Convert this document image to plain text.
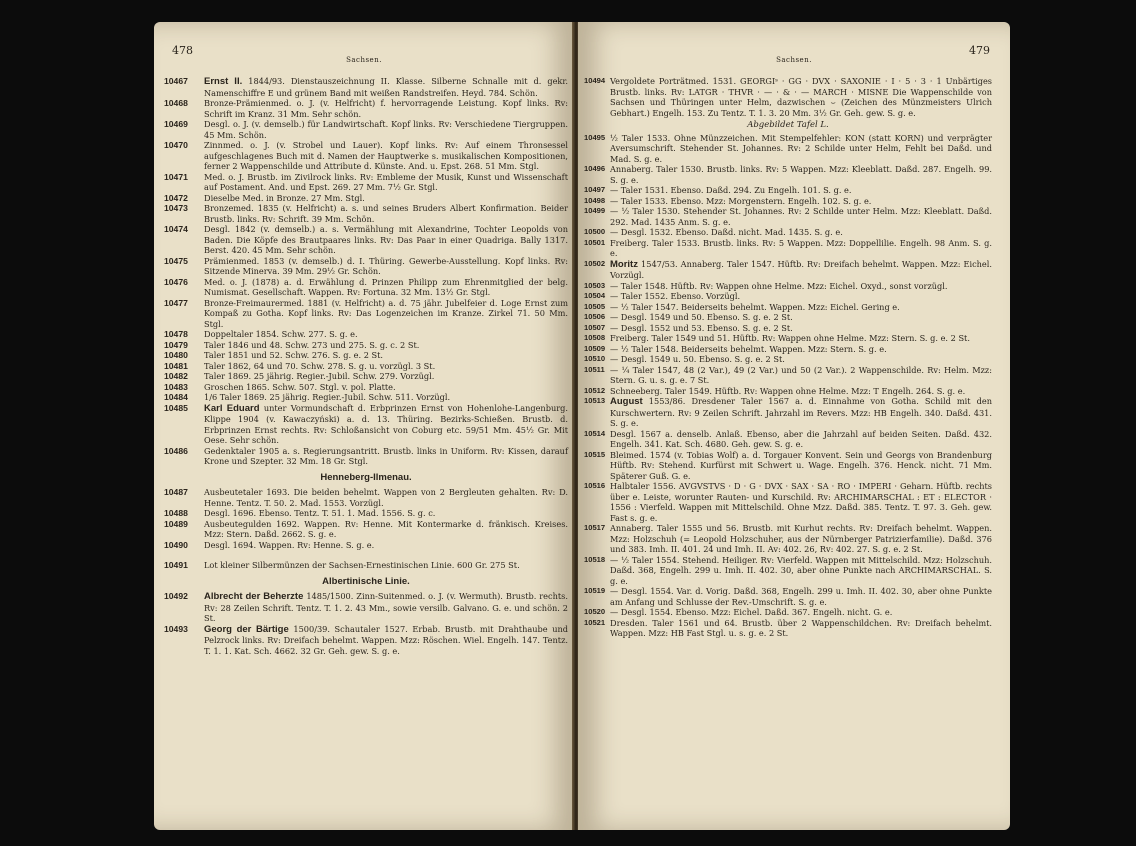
478
Sachsen.
10467	Ernst II. 1844/93. Dienstauszeichnung II. Klasse. Silberne Schnalle mit d. gekr. Namenschiffre E und grünem Band mit weißen Randstreifen. Heyd. 784. Schön.
10468	Bronze-Prämienmed. o. J. (v. Helfricht) f. hervorragende Leistung. Kopf links. Rv: Schrift im Kranz. 31 Mm. Sehr schön.
10469	Desgl. o. J. (v. demselb.) für Landwirtschaft. Kopf links. Rv: Verschiedene Tiergruppen. 45 Mm. Schön.
10470	Zinnmed. o. J. (v. Strobel und Lauer). Kopf links. Rv: Auf einem Thronsessel aufgeschlagenes Buch mit d. Namen der Hauptwerke s. musikalischen Kompositionen, ferner 2 Wappenschilde und Attribute d. Künste. And. u. Epst. 268. 51 Mm. Stgl.
10471	Med. o. J. Brustb. im Zivilrock links. Rv: Embleme der Musik, Kunst und Wissenschaft auf Postament. And. und Epst. 269. 27 Mm. 7½ Gr. Stgl.
10472	Dieselbe Med. in Bronze. 27 Mm. Stgl.
10473	Bronzemed. 1835 (v. Helfricht) a. s. und seines Bruders Albert Konfirmation. Beider Brustb. links. Rv: Schrift. 39 Mm. Schön.
10474	Desgl. 1842 (v. demselb.) a. s. Vermählung mit Alexandrine, Tochter Leopolds von Baden. Die Köpfe des Brautpaares links. Rv: Das Paar in einer Quadriga. Bally 1317. Berst. 420. 45 Mm. Sehr schön.
10475	Prämienmed. 1853 (v. demselb.) d. I. Thüring. Gewerbe-Ausstellung. Kopf links. Rv: Sitzende Minerva. 39 Mm. 29½ Gr. Schön.
10476	Med. o. J. (1878) a. d. Erwählung d. Prinzen Philipp zum Ehrenmitglied der belg. Numismat. Gesellschaft. Wappen. Rv: Fortuna. 32 Mm. 13½ Gr. Stgl.
10477	Bronze-Freimaurermed. 1881 (v. Helfricht) a. d. 75 jähr. Jubelfeier d. Loge Ernst zum Kompaß zu Gotha. Kopf links. Rv: Das Logenzeichen im Kranze. Zirkel 71. 50 Mm. Stgl.
10478	Doppeltaler 1854. Schw. 277. S. g. e.
10479	Taler 1846 und 48. Schw. 273 und 275. S. g. c. 2 St.
10480	Taler 1851 und 52. Schw. 276. S. g. e. 2 St.
10481	Taler 1862, 64 und 70. Schw. 278. S. g. u. vorzügl. 3 St.
10482	Taler 1869. 25 jährig. Regier.-Jubil. Schw. 279. Vorzügl.
10483	Groschen 1865. Schw. 507. Stgl. v. pol. Platte.
10484	1/6 Taler 1869. 25 jährig. Regier.-Jubil. Schw. 511. Vorzügl.
10485	Karl Eduard unter Vormundschaft d. Erbprinzen Ernst von Hohenlohe-Langenburg. Klippe 1904 (v. Kawaczyński) a. d. 13. Thüring. Bezirks-Schießen. Brustb. d. Erbprinzen Ernst rechts. Rv: Schloßansicht von Coburg etc. 59/51 Mm. 45½ Gr. Mit Oese. Sehr schön.
10486	Gedenktaler 1905 a. s. Regierungsantritt. Brustb. links in Uniform. Rv: Kissen, darauf Krone und Szepter. 32 Mm. 18 Gr. Stgl.
Henneberg-Ilmenau.
10487	Ausbeutetaler 1693. Die beiden behelmt. Wappen von 2 Bergleuten gehalten. Rv: D. Henne. Tentz. T. 50. 2. Mad. 1553. Vorzügl.
10488	Desgl. 1696. Ebenso. Tentz. T. 51. 1. Mad. 1556. S. g. c.
10489	Ausbeutegulden 1692. Wappen. Rv: Henne. Mit Kontermarke d. fränkisch. Kreises. Mzz: Stern. Daßd. 2662. S. g. e.
10490	Desgl. 1694. Wappen. Rv: Henne. S. g. e.
10491	Lot kleiner Silbermünzen der Sachsen-Ernestinischen Linie. 600 Gr. 275 St.
Albertinische Linie.
10492	Albrecht der Beherzte 1485/1500. Zinn-Suitenmed. o. J. (v. Wermuth). Brustb. rechts. Rv: 28 Zeilen Schrift. Tentz. T. 1. 2. 43 Mm., sowie versilb. Galvano. G. e. und schön. 2 St.
10493	Georg der Bärtige 1500/39. Schautaler 1527. Erbab. Brustb. mit Drahthaube und Pelzrock links. Rv: Dreifach behelmt. Wappen. Mzz: Röschen. Wiel. Engelh. 147. Tentz. T. 1. 1. Kat. Sch. 4662. 32 Gr. Geh. gew. S. g. e.
479
Sachsen.
10494 Vergoldete Porträtmed. 1531. GEORGIˢ · GG · DVX · SAXONIE · I · 5 · 3 · 1 Unbärtiges Brustb. links. Rv: LATGR · THVR · — · & · — MARCH · MISNE Die Wappenschilde von Sachsen und Thüringen unter Helm, dazwischen ⌣ (Zeichen des Münzmeisters Ulrich Gebhart.) Engelh. 153. Zu Tentz. T. 1. 3. 20 Mm. 3½ Gr. Geh. gew. S. g. e.
Abgebildet Tafel L.
10495 ½ Taler 1533. Ohne Münzzeichen. Mit Stempelfehler: KON (statt KORN) und verprägter Aversumschrift. Stehender St. Johannes. Rv: 2 Schilde unter Helm, Fehlt bei Daßd. und Mad. S. g. e.
10496 Annaberg. Taler 1530. Brustb. links. Rv: 5 Wappen. Mzz: Kleeblatt. Daßd. 287. Engelh. 99. S. g. e.
10497 — Taler 1531. Ebenso. Daßd. 294. Zu Engelh. 101. S. g. e.
10498 — Taler 1533. Ebenso. Mzz: Morgenstern. Engelh. 102. S. g. e.
10499 — ½ Taler 1530. Stehender St. Johannes. Rv: 2 Schilde unter Helm. Mzz: Kleeblatt. Daßd. 292. Mad. 1435 Anm. S. g. e.
10500 — Desgl. 1532. Ebenso. Daßd. nicht. Mad. 1435. S. g. e.
10501 Freiberg. Taler 1533. Brustb. links. Rv: 5 Wappen. Mzz: Doppellilie. Engelh. 98 Anm. S. g. e.
10502 Moritz 1547/53. Annaberg. Taler 1547. Hüftb. Rv: Dreifach behelmt. Wappen. Mzz: Eichel. Vorzügl.
10503 — Taler 1548. Hüftb. Rv: Wappen ohne Helme. Mzz: Eichel. Oxyd., sonst vorzügl.
10504 — Taler 1552. Ebenso. Vorzügl.
10505 — ½ Taler 1547. Beiderseits behelmt. Wappen. Mzz: Eichel. Gering e.
10506 — Desgl. 1549 und 50. Ebenso. S. g. e. 2 St.
10507 — Desgl. 1552 und 53. Ebenso. S. g. e. 2 St.
10508 Freiberg. Taler 1549 und 51. Hüftb. Rv: Wappen ohne Helme. Mzz: Stern. S. g. e. 2 St.
10509 — ½ Taler 1548. Beiderseits behelmt. Wappen. Mzz: Stern. S. g. e.
10510 — Desgl. 1549 u. 50. Ebenso. S. g. e. 2 St.
10511 — ¼ Taler 1547, 48 (2 Var.), 49 (2 Var.) und 50 (2 Var.). 2 Wappenschilde. Rv: Helm. Mzz: Stern. G. u. s. g. e. 7 St.
10512 Schneeberg. Taler 1549. Hüftb. Rv: Wappen ohne Helme. Mzz: T Engelh. 264. S. g. e.
10513 August 1553/86. Dresdener Taler 1567 a. d. Einnahme von Gotha. Schild mit den Kurschwertern. Rv: 9 Zeilen Schrift. Jahrzahl im Revers. Mzz: HB Engelh. 340. Daßd. 431. S. g. e.
10514 Desgl. 1567 a. denselb. Anlaß. Ebenso, aber die Jahrzahl auf beiden Seiten. Daßd. 432. Engelh. 341. Kat. Sch. 4680. Geh. gew. S. g. e.
10515 Bleimed. 1574 (v. Tobias Wolf) a. d. Torgauer Konvent. Sein und Georgs von Brandenburg Hüftb. Rv: Stehend. Kurfürst mit Schwert u. Wage. Engelh. 376. Henck. nicht. 71 Mm. Späterer Guß. G. e.
10516 Halbtaler 1556. AVGVSTVS · D · G · DVX · SAX · SA · RO · IMPERI · Geharn. Hüftb. rechts über e. Leiste, worunter Rauten- und Kurschild. Rv: ARCHIMARSCHAL : ET : ELECTOR · 1556 : Vierfeld. Wappen mit Mittelschild. Ohne Mzz. Daßd. 385. Tentz. T. 97. 3. Geh. gew. Fast s. g. e.
10517 Annaberg. Taler 1555 und 56. Brustb. mit Kurhut rechts. Rv: Dreifach behelmt. Wappen. Mzz: Holzschuh (= Leopold Holzschuher, aus der Nürnberger Patrizierfamilie). Daßd. 376 und 383. Imh. II. 401. 24 und Imh. II. Av: 402. 26, Rv: 402. 27. S. g. e. 2 St.
10518 — ½ Taler 1554. Stehend. Heiliger. Rv: Vierfeld. Wappen mit Mittelschild. Mzz: Holzschuh. Daßd. 368, Engelh. 299 u. Imh. II. 402. 30, aber ohne Punkte nach ARCHIMARSCHAL. S. g. e.
10519 — Desgl. 1554. Var. d. Vorig. Daßd. 368, Engelh. 299 u. Imh. II. 402. 30, aber ohne Punkte am Anfang und Schlusse der Rev.-Umschrift. S. g. e.
10520 — Desgl. 1554. Ebenso. Mzz: Eichel. Daßd. 367. Engelh. nicht. G. e.
10521 Dresden. Taler 1561 und 64. Brustb. über 2 Wappenschildchen. Rv: Dreifach behelmt. Wappen. Mzz: HB Fast Stgl. u. s. g. e. 2 St.
